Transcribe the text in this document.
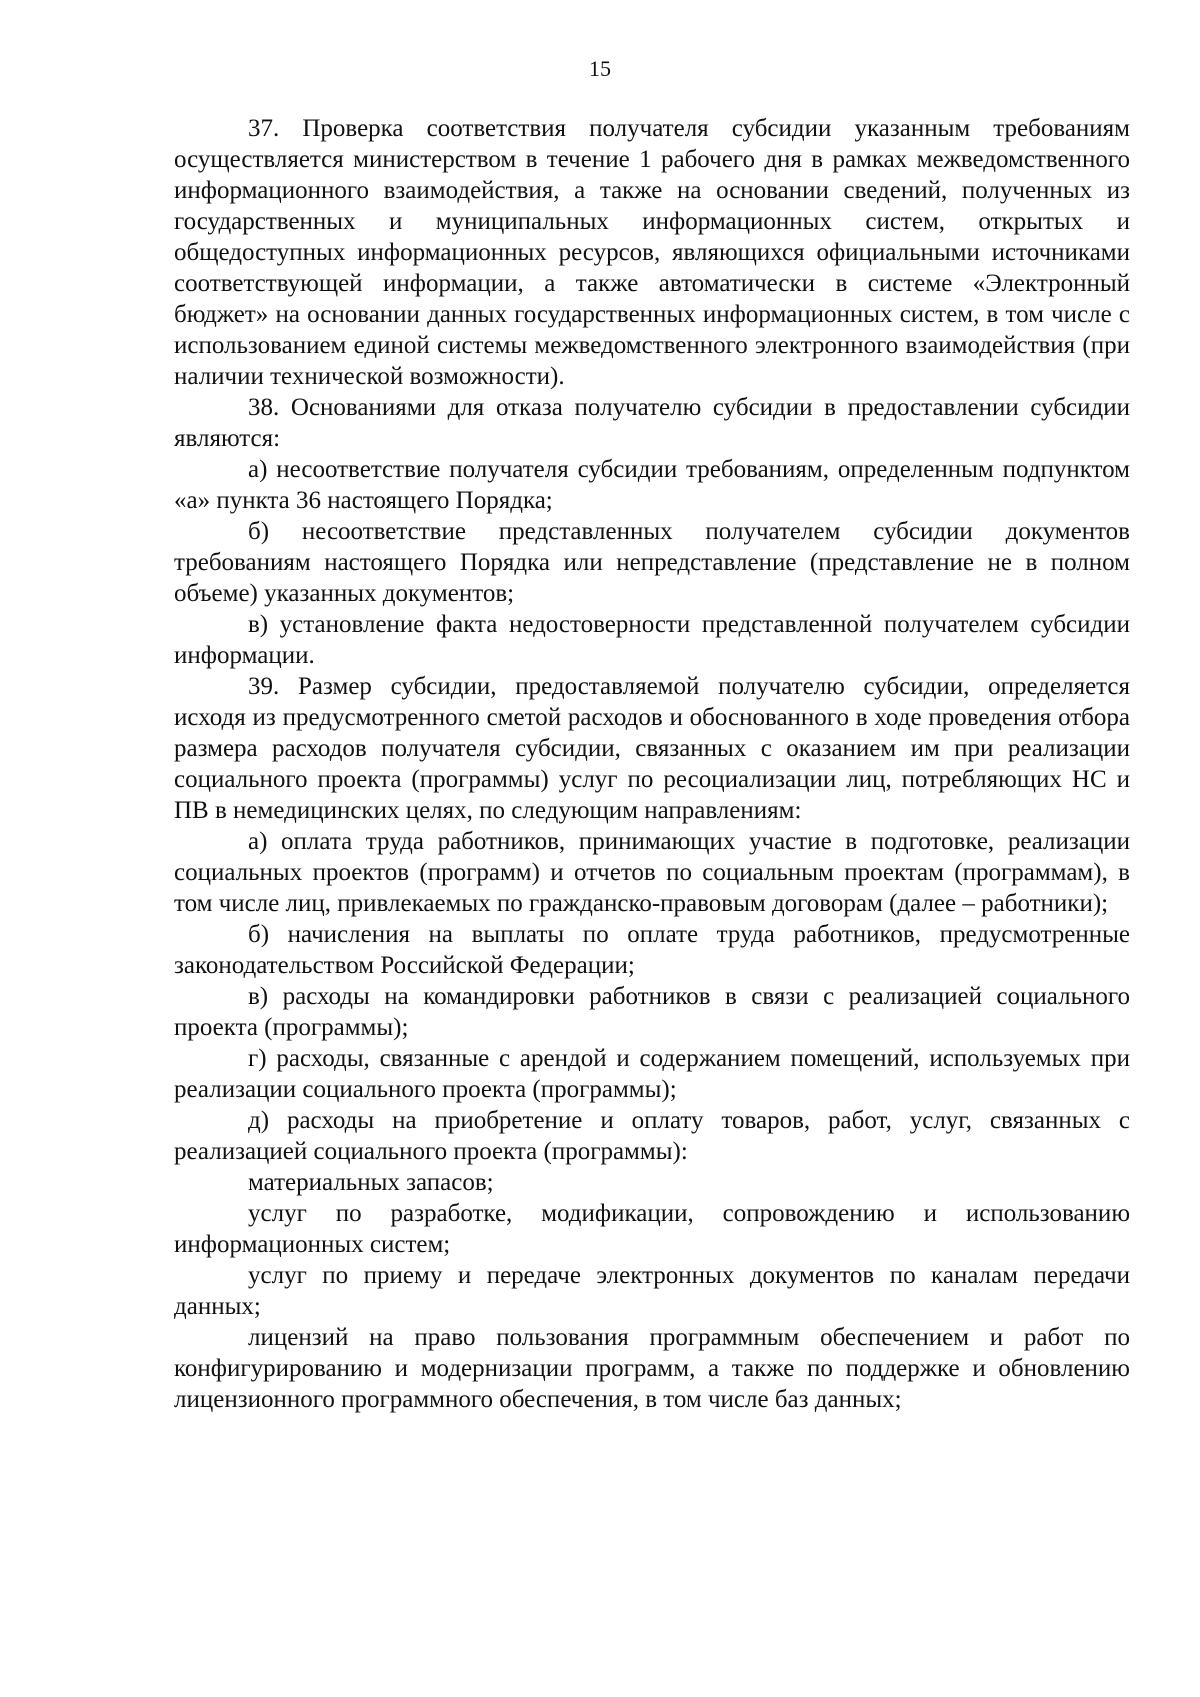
15

37. Проверка соответствия получателя субсидии указанным требованиям осуществляется министерством в течение 1 рабочего дня в рамках межведомственного информационного взаимодействия, а также на основании сведений, полученных из государственных и муниципальных информационных систем, открытых и общедоступных информационных ресурсов, являющихся официальными источниками соответствующей информации, а также автоматически в системе «Электронный бюджет» на основании данных государственных информационных систем, в том числе с использованием единой системы межведомственного электронного взаимодействия (при наличии технической возможности).

38. Основаниями для отказа получателю субсидии в предоставлении субсидии являются:

а) несоответствие получателя субсидии требованиям, определенным подпунктом «а» пункта 36 настоящего Порядка;

б) несоответствие представленных получателем субсидии документов требованиям настоящего Порядка или непредставление (представление не в полном объеме) указанных документов;

в) установление факта недостоверности представленной получателем субсидии информации.

39. Размер субсидии, предоставляемой получателю субсидии, определяется исходя из предусмотренного сметой расходов и обоснованного в ходе проведения отбора размера расходов получателя субсидии, связанных с оказанием им при реализации социального проекта (программы) услуг по ресоциализации лиц, потребляющих НС и ПВ в немедицинских целях, по следующим направлениям:

а) оплата труда работников, принимающих участие в подготовке, реализации социальных проектов (программ) и отчетов по социальным проектам (программам), в том числе лиц, привлекаемых по гражданско-правовым договорам (далее – работники);

б) начисления на выплаты по оплате труда работников, предусмотренные законодательством Российской Федерации;

в) расходы на командировки работников в связи с реализацией социального проекта (программы);

г) расходы, связанные с арендой и содержанием помещений, используемых при реализации социального проекта (программы);

д) расходы на приобретение и оплату товаров, работ, услуг, связанных с реализацией социального проекта (программы):

материальных запасов;

услуг по разработке, модификации, сопровождению и использованию информационных систем;

услуг по приему и передаче электронных документов по каналам передачи данных;

лицензий на право пользования программным обеспечением и работ по конфигурированию и модернизации программ, а также по поддержке и обновлению лицензионного программного обеспечения, в том числе баз данных;
